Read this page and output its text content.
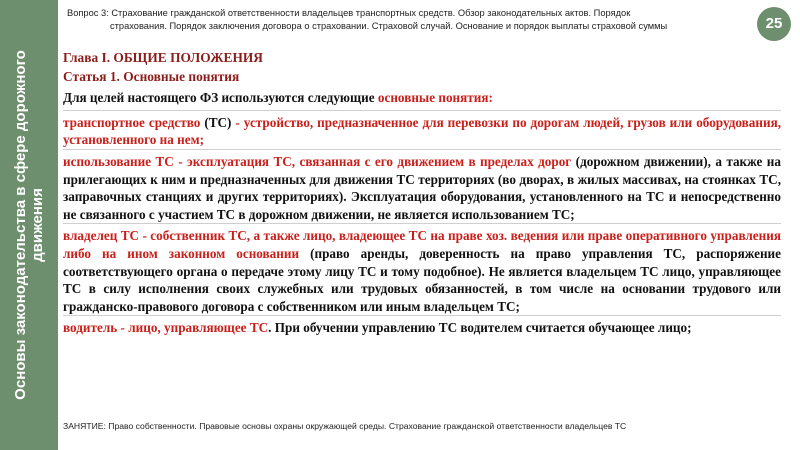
Основы законодательства в сфере дорожного движения
Вопрос 3: Страхование гражданской ответственности владельцев транспортных средств. Обзор законодательных актов. Порядок
страхования. Порядок заключения договора о страховании. Страховой случай. Основание и порядок выплаты страховой суммы	25

Глава I. ОБЩИЕ ПОЛОЖЕНИЯ

Статья 1. Основные понятия

Для целей настоящего ФЗ используются следующие основные понятия:

транспортное средство (ТС) - устройство, предназначенное для перевозки по дорогам людей, грузов или оборудования, установленного на нем;

использование ТС - эксплуатация ТС, связанная с его движением в пределах дорог (дорожном движении), а также на прилегающих к ним и предназначенных для движения ТС территориях (во дворах, в жилых массивах, на стоянках ТС, заправочных станциях и других территориях). Эксплуатация оборудования, установленного на ТС и непосредственно не связанного с участием ТС в дорожном движении, не является использованием ТС;

владелец ТС - собственник ТС, а также лицо, владеющее ТС на праве хоз. ведения или праве оперативного управления либо на ином законном основании (право аренды, доверенность на право управления ТС, распоряжение соответствующего органа о передаче этому лицу ТС и тому подобное). Не является владельцем ТС лицо, управляющее ТС в силу исполнения своих служебных или трудовых обязанностей, в том числе на основании трудового или гражданско-правового договора с собственником или иным владельцем ТС;

водитель - лицо, управляющее ТС. При обучении управлению ТС водителем считается обучающее лицо;

ЗАНЯТИЕ: Право собственности. Правовые основы охраны окружающей среды. Страхование гражданской ответственности владельцев ТС
